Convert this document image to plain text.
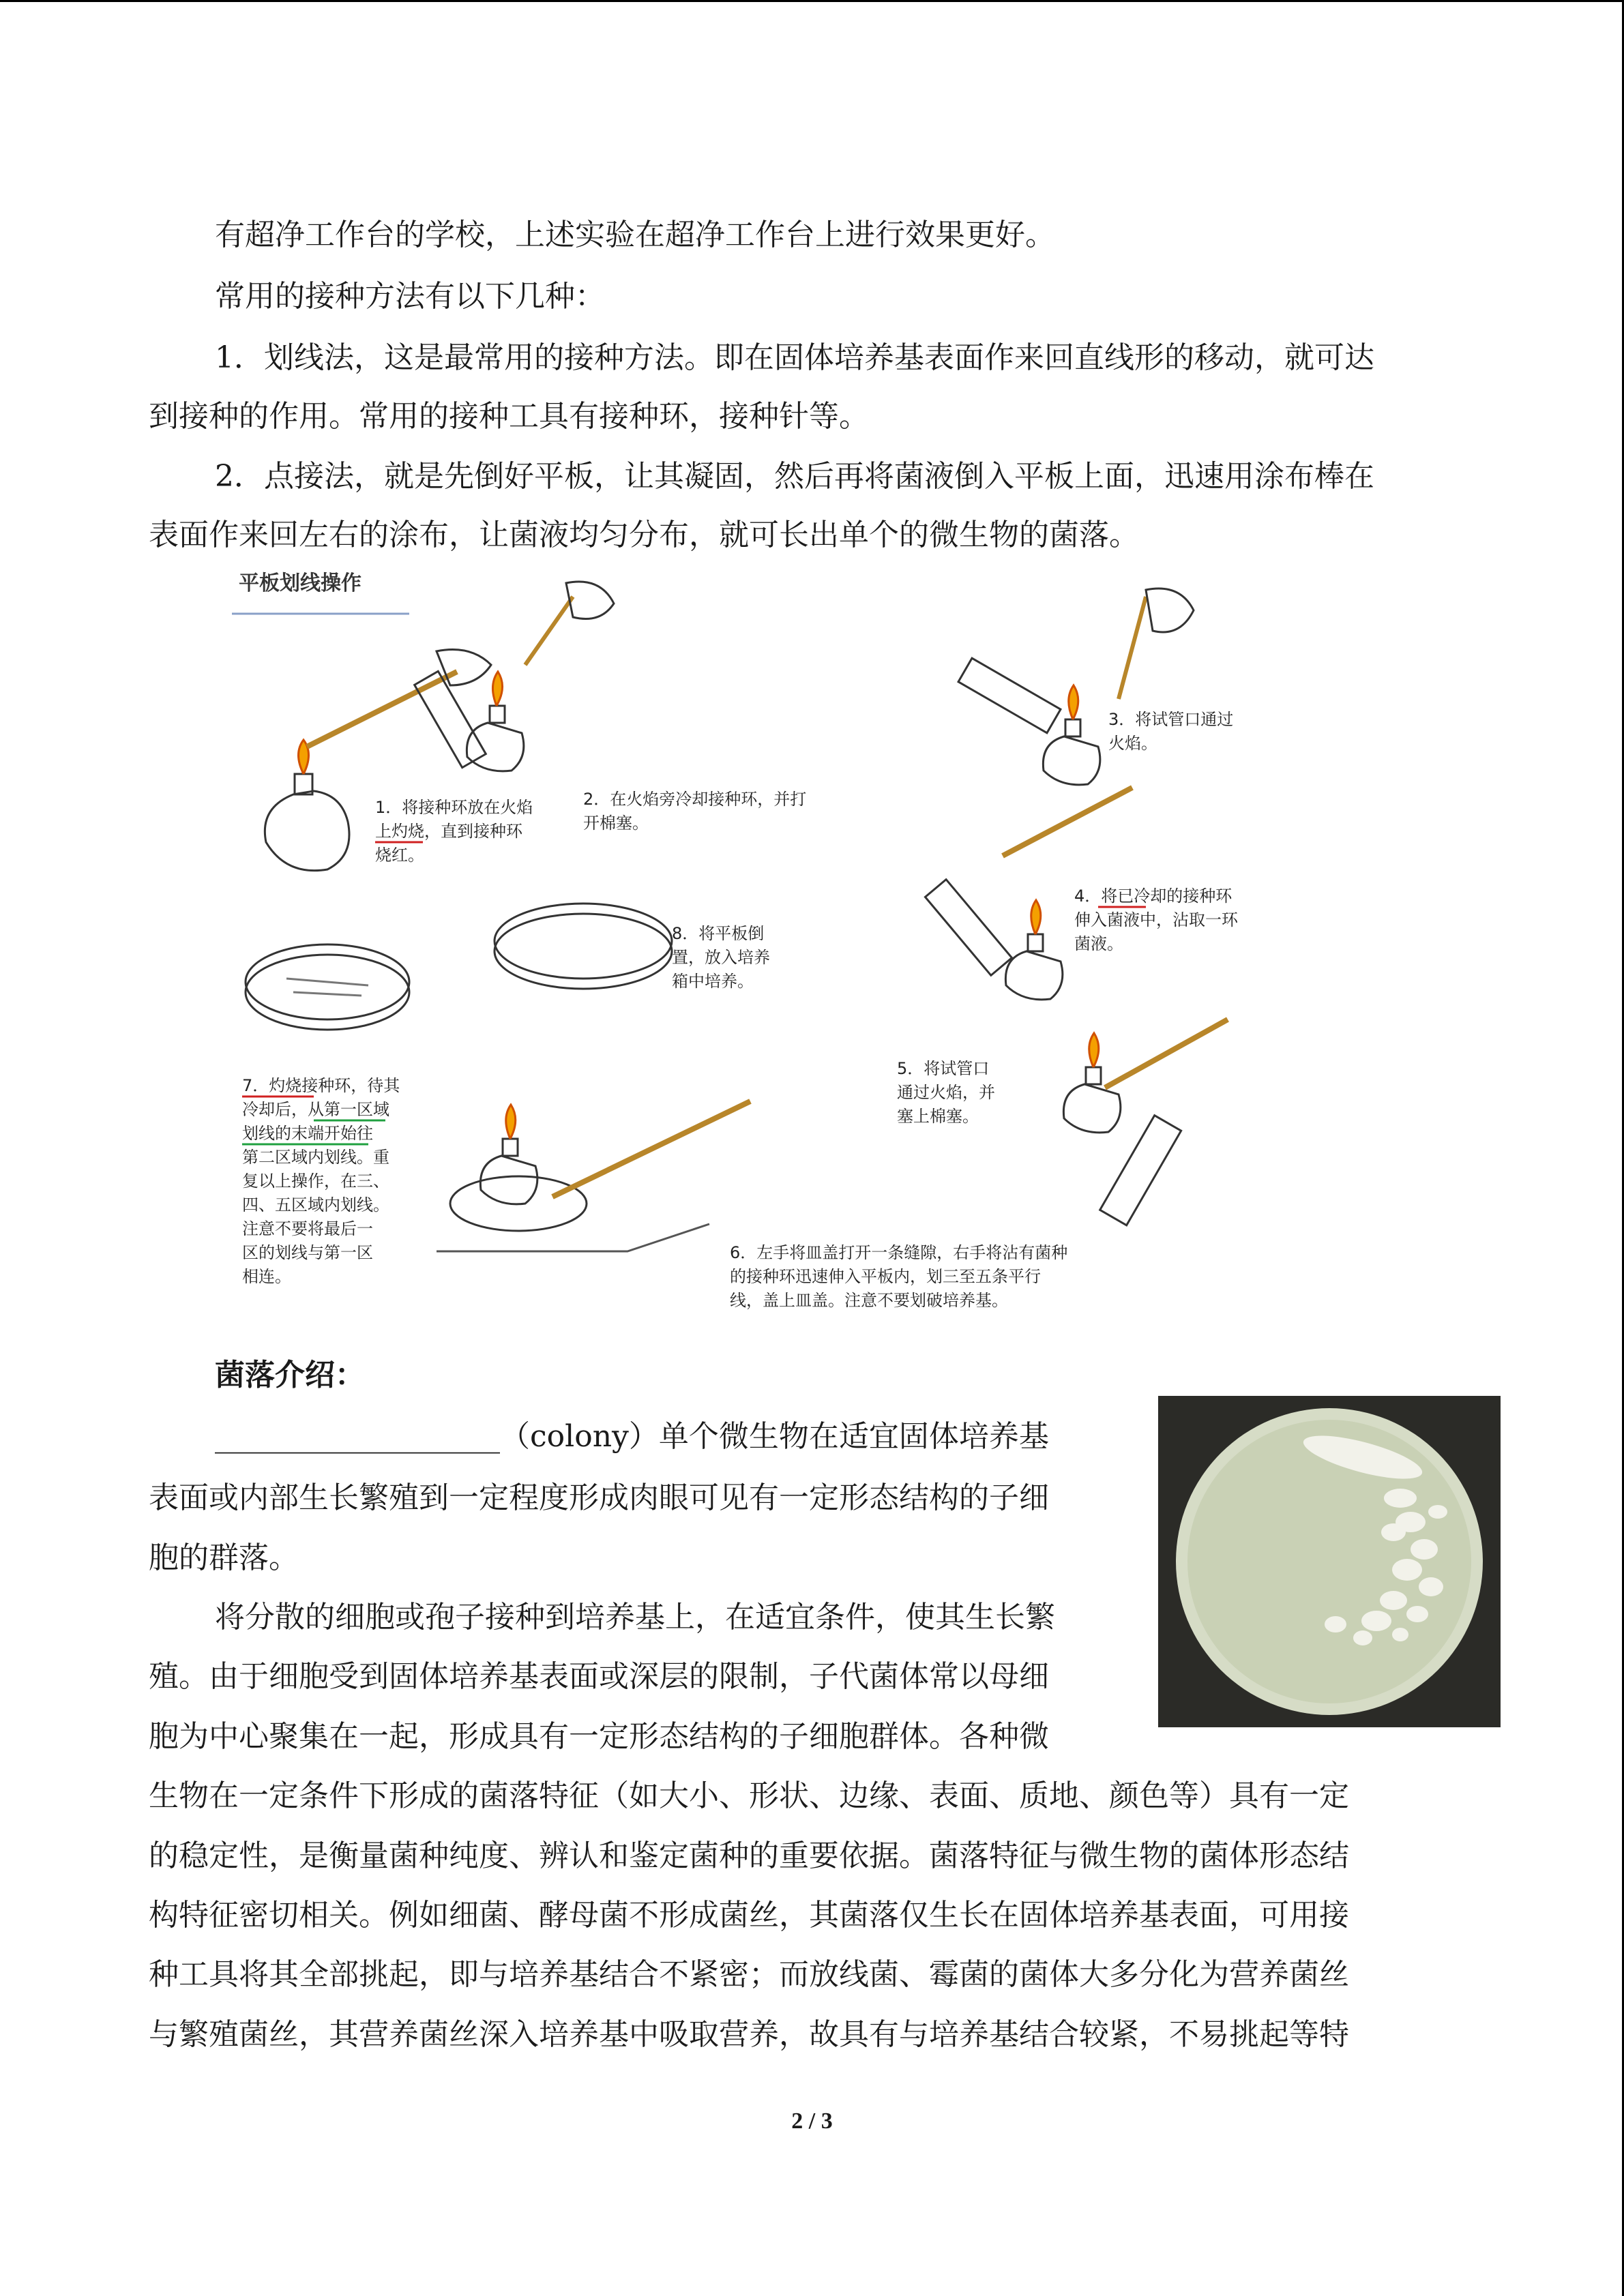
有超净工作台的学校，上述实验在超净工作台上进行效果更好。
常用的接种方法有以下几种：
1．划线法，这是最常用的接种方法。即在固体培养基表面作来回直线形的移动，就可达
到接种的作用。常用的接种工具有接种环，接种针等。
2．点接法，就是先倒好平板，让其凝固，然后再将菌液倒入平板上面，迅速用涂布棒在
表面作来回左右的涂布，让菌液均匀分布，就可长出单个的微生物的菌落。
平板划线操作
1．将接种环放在火焰
上灼烧，直到接种环
烧红。
2．在火焰旁冷却接种环，并打
开棉塞。
3．将试管口通过
火焰。
4．将已冷却的接种环
伸入菌液中，沾取一环
菌液。
8．将平板倒
置，放入培养
箱中培养。
7．灼烧接种环，待其
冷却后，从第一区域
划线的末端开始往
第二区域内划线。重
复以上操作，在三、
四、五区域内划线。
注意不要将最后一
区的划线与第一区
相连。
6．左手将皿盖打开一条缝隙，右手将沾有菌种
的接种环迅速伸入平板内，划三至五条平行
线，盖上皿盖。注意不要划破培养基。
5．将试管口
通过火焰，并
塞上棉塞。
菌落介绍：
___________________（colony）单个微生物在适宜固体培养基
表面或内部生长繁殖到一定程度形成肉眼可见有一定形态结构的子细
胞的群落。
将分散的细胞或孢子接种到培养基上，在适宜条件，使其生长繁
殖。由于细胞受到固体培养基表面或深层的限制，子代菌体常以母细
胞为中心聚集在一起，形成具有一定形态结构的子细胞群体。各种微
生物在一定条件下形成的菌落特征（如大小、形状、边缘、表面、质地、颜色等）具有一定
的稳定性，是衡量菌种纯度、辨认和鉴定菌种的重要依据。菌落特征与微生物的菌体形态结
构特征密切相关。例如细菌、酵母菌不形成菌丝，其菌落仅生长在固体培养基表面，可用接
种工具将其全部挑起，即与培养基结合不紧密；而放线菌、霉菌的菌体大多分化为营养菌丝
与繁殖菌丝，其营养菌丝深入培养基中吸取营养，故具有与培养基结合较紧，不易挑起等特
2 / 3
